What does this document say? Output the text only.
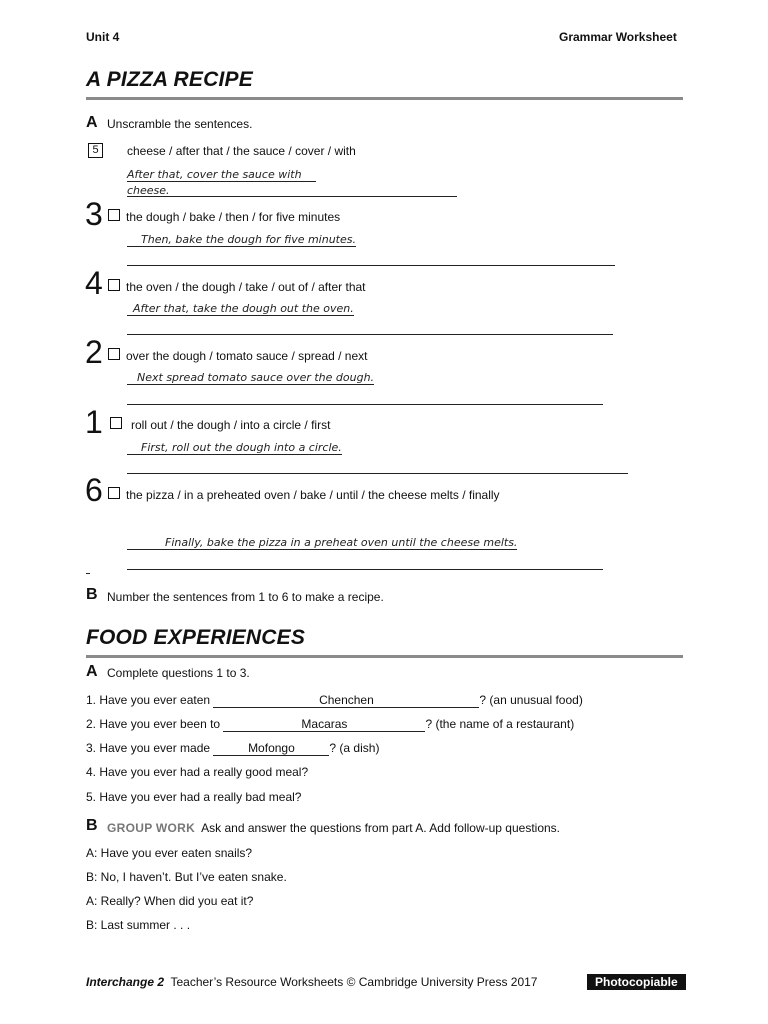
Unit 4	Grammar Worksheet
A PIZZA RECIPE
A Unscramble the sentences.
5	cheese / after that / the sauce / cover / with
After that, cover the sauce with
cheese.
3 the dough / bake / then / for five minutes
Then, bake the dough for five minutes.
4 the oven / the dough / take / out of / after that
After that, take the dough out the oven.
2 over the dough / tomato sauce / spread / next
Next spread tomato sauce over the dough.
1 roll out / the dough / into a circle / first
First, roll out the dough into a circle.
6 the pizza / in a preheated oven / bake / until / the cheese melts / finally
Finally, bake the pizza in a preheat oven until the cheese melts.
B Number the sentences from 1 to 6 to make a recipe.
FOOD EXPERIENCES
A Complete questions 1 to 3.
1. Have you ever eaten	Chenchen	? (an unusual food)
2. Have you ever been to	Macaras	? (the name of a restaurant)
3. Have you ever made	Mofongo	? (a dish)
4. Have you ever had a really good meal?
5. Have you ever had a really bad meal?
B GROUP WORK Ask and answer the questions from part A. Add follow-up questions.
A: Have you ever eaten snails?
B: No, I haven’t. But I’ve eaten snake.
A: Really? When did you eat it?
B: Last summer . . .
Interchange 2 Teacher’s Resource Worksheets © Cambridge University Press 2017	Photocopiable
